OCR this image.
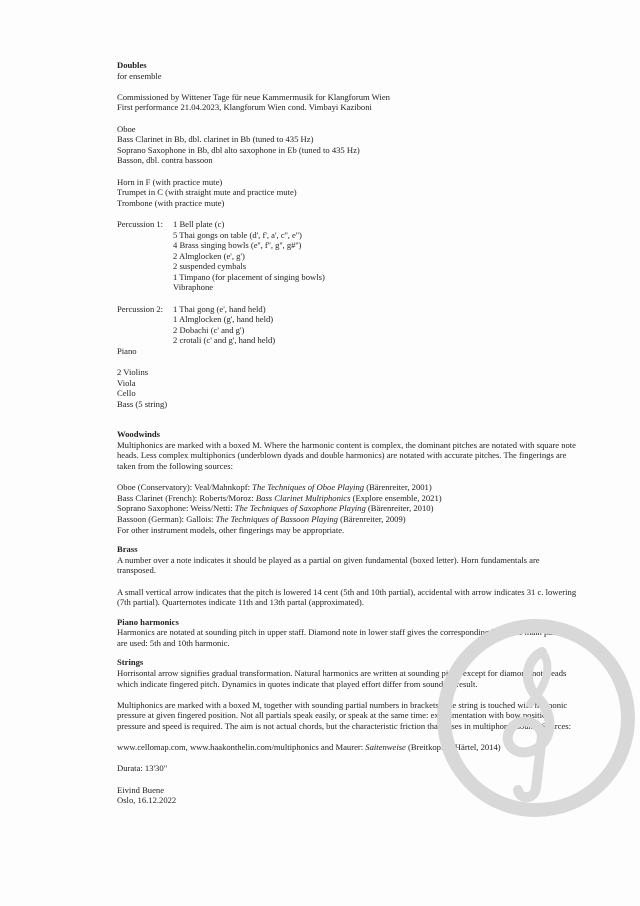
Doubles
for ensemble
Commissioned by Wittener Tage für neue Kammermusik for Klangforum Wien
First performance 21.04.2023, Klangforum Wien cond. Vimbayi Kaziboni
Oboe
Bass Clarinet in Bb, dbl. clarinet in Bb (tuned to 435 Hz)
Soprano Saxophone in Bb, dbl alto saxophone in Eb (tuned to 435 Hz)
Basson, dbl. contra bassoon
Horn in F (with practice mute)
Trumpet in C (with straight mute and practice mute)
Trombone (with practice mute)
Percussion 1:	1 Bell plate (c)
5 Thai gongs on table (d', f', a', c'', e'')
4 Brass singing bowls (e'', f'', g'', g#'')
2 Almglocken (e', g')
2 suspended cymbals
1 Timpano (for placement of singing bowls)
Vibraphone
Percussion 2:	1 Thai gong (e', hand held)
1 Almglocken (g', hand held)
2 Dobachi (c' and g')
2 crotali (c' and g', hand held)
Piano
2 Violins
Viola
Cello
Bass (5 string)
Woodwinds

Multiphonics are marked with a boxed M. Where the harmonic content is complex, the dominant pitches are notated with square note heads. Less complex multiphonics (underblown dyads and double harmonics) are notated with accurate pitches. The fingerings are taken from the following sources:

Oboe (Conservatory): Veal/Mahnkopf: The Techniques of Oboe Playing (Bärenreiter, 2001)

Bass Clarinet (French): Roberts/Moroz: Bass Clarinet Multiphonics (Explore ensemble, 2021)

Soprano Saxophone: Weiss/Netti: The Techniques of Saxophone Playing (Bärenreiter, 2010)

Bassoon (German): Gallois: The Techniques of Bassoon Playing (Bärenreiter, 2009)

For other instrument models, other fingerings may be appropriate.

Brass

A number over a note indicates it should be played as a partial on given fundamental (boxed letter). Horn fundamentals are transposed.

A small vertical arrow indicates that the pitch is lowered 14 cent (5th and 10th partial), accidental with arrow indicates 31 c. lowering (7th partial). Quarternotes indicate 11th and 13th partal (approximated).

Piano harmonics

Harmonics are notated at sounding pitch in upper staff. Diamond note in lower staff gives the corresponding key. Two main partials are used: 5th and 10th harmonic.

Strings

Horrisontal arrow signifies gradual transformation. Natural harmonics are written at sounding pitch, except for diamond noteheads which indicate fingered pitch. Dynamics in quotes indicate that played effort differ from sounding result.

Multiphonics are marked with a boxed M, together with sounding partial numbers in brackets. The string is touched with harmonic pressure at given fingered position. Not all partials speak easily, or speak at the same time: experimentation with bow position, pressure and speed is required. The aim is not actual chords, but the characteristic friction that arises in multiphonic sound. Sources:

www.cellomap.com, www.haakonthelin.com/multiphonics and Maurer: Saitenweise (Breitkopf & Härtel, 2014)

Durata: 13'30"

Eivind Buene

Oslo, 16.12.2022
